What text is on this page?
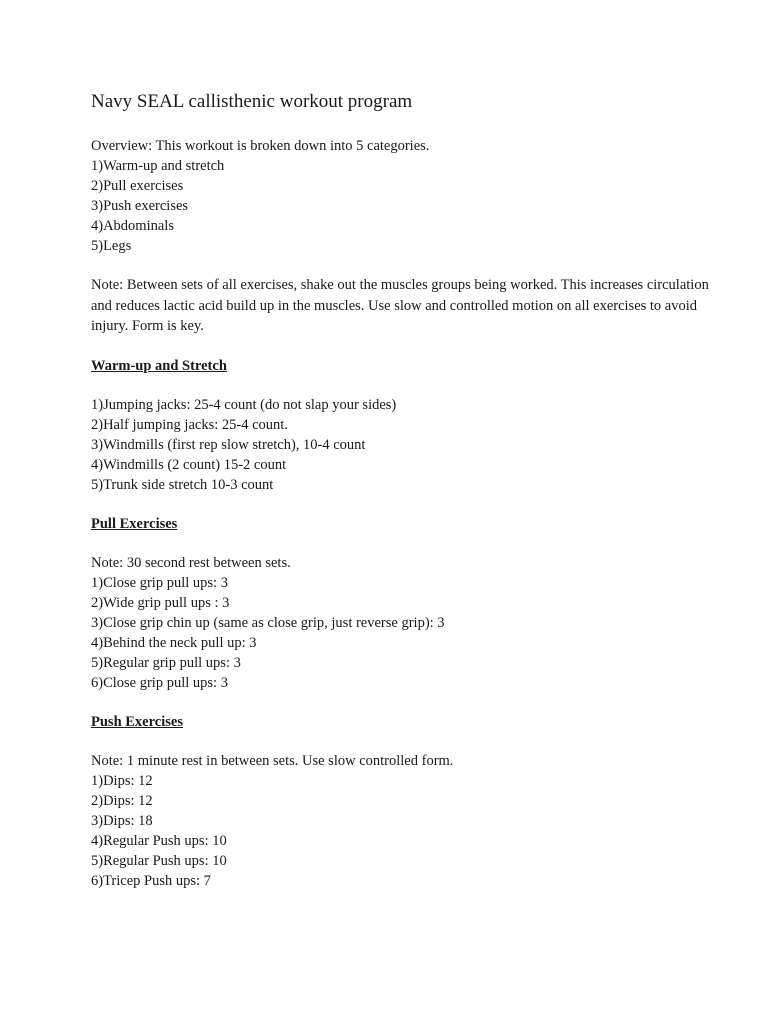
Navy SEAL callisthenic workout program

Overview: This workout is broken down into 5 categories.

1)Warm-up and stretch
2)Pull exercises
3)Push exercises
4)Abdominals
5)Legs

Note: Between sets of all exercises, shake out the muscles groups being worked. This increases circulation and reduces lactic acid build up in the muscles. Use slow and controlled motion on all exercises to avoid injury. Form is key.

Warm-up and Stretch

1)Jumping jacks: 25-4 count (do not slap your sides)
2)Half jumping jacks: 25-4 count.
3)Windmills (first rep slow stretch), 10-4 count
4)Windmills (2 count) 15-2 count
5)Trunk side stretch 10-3 count

Pull Exercises

Note: 30 second rest between sets.

1)Close grip pull ups: 3
2)Wide grip pull ups : 3
3)Close grip chin up (same as close grip, just reverse grip): 3
4)Behind the neck pull up: 3
5)Regular grip pull ups: 3
6)Close grip pull ups: 3

Push Exercises

Note: 1 minute rest in between sets. Use slow controlled form.

1)Dips: 12
2)Dips: 12
3)Dips: 18
4)Regular Push ups: 10
5)Regular Push ups: 10
6)Tricep Push ups: 7
